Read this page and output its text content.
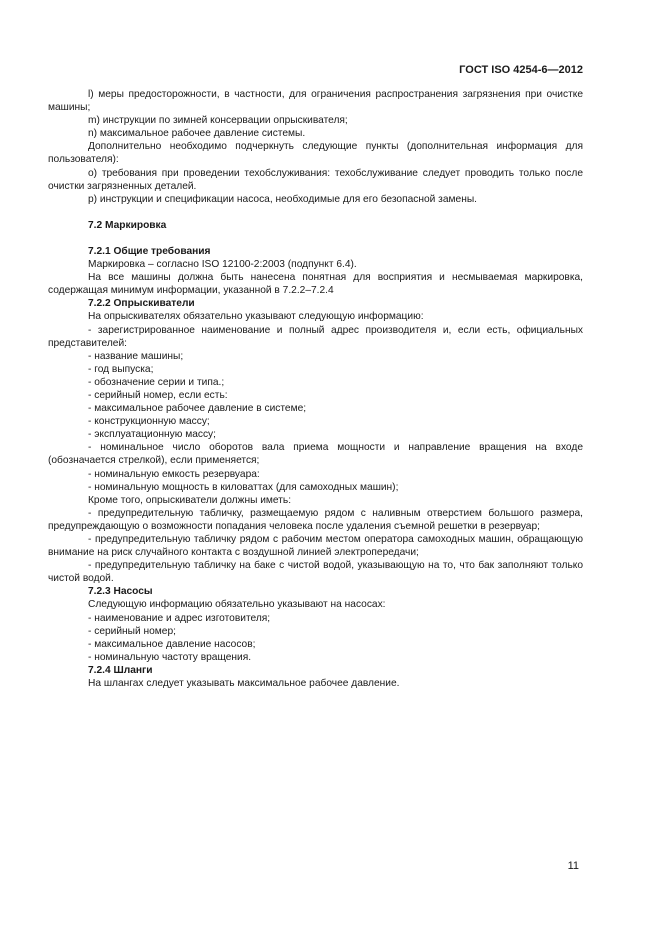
ГОСТ ISO 4254-6—2012
l) меры предосторожности, в частности, для ограничения распространения загрязнения при очистке машины;
m) инструкции по зимней консервации опрыскивателя;
n) максимальное рабочее давление системы.
Дополнительно необходимо подчеркнуть следующие пункты (дополнительная информация для пользователя):
о) требования при проведении техобслуживания: техобслуживание следует проводить только после очистки загрязненных деталей.
p) инструкции и спецификации насоса, необходимые для его безопасной замены.
7.2 Маркировка
7.2.1 Общие требования
Маркировка – согласно ISO 12100-2:2003 (подпункт 6.4).
На все машины должна быть нанесена понятная для восприятия и несмываемая маркировка, содержащая минимум информации, указанной в 7.2.2–7.2.4
7.2.2 Опрыскиватели
На опрыскивателях обязательно указывают следующую информацию:
- зарегистрированное наименование и полный адрес производителя и, если есть, официальных представителей:
- название машины;
- год выпуска;
- обозначение серии и типа.;
- серийный номер, если есть:
- максимальное рабочее давление в системе;
- конструкционную массу;
- эксплуатационную массу;
- номинальное число оборотов вала приема мощности и направление вращения на входе (обозначается стрелкой), если применяется;
- номинальную емкость резервуара:
- номинальную мощность в киловаттах (для самоходных машин);
Кроме того, опрыскиватели должны иметь:
- предупредительную табличку, размещаемую рядом с наливным отверстием большого размера, предупреждающую о возможности попадания человека после удаления съемной решетки в резервуар;
- предупредительную табличку рядом с рабочим местом оператора самоходных машин, обращающую внимание на риск случайного контакта с воздушной линией электропередачи;
- предупредительную табличку на баке с чистой водой, указывающую на то, что бак заполняют только чистой водой.
7.2.3 Насосы
Следующую информацию обязательно указывают на насосах:
- наименование и адрес изготовителя;
- серийный номер;
- максимальное давление насосов;
- номинальную частоту вращения.
7.2.4 Шланги
На шлангах следует указывать максимальное рабочее давление.
11
